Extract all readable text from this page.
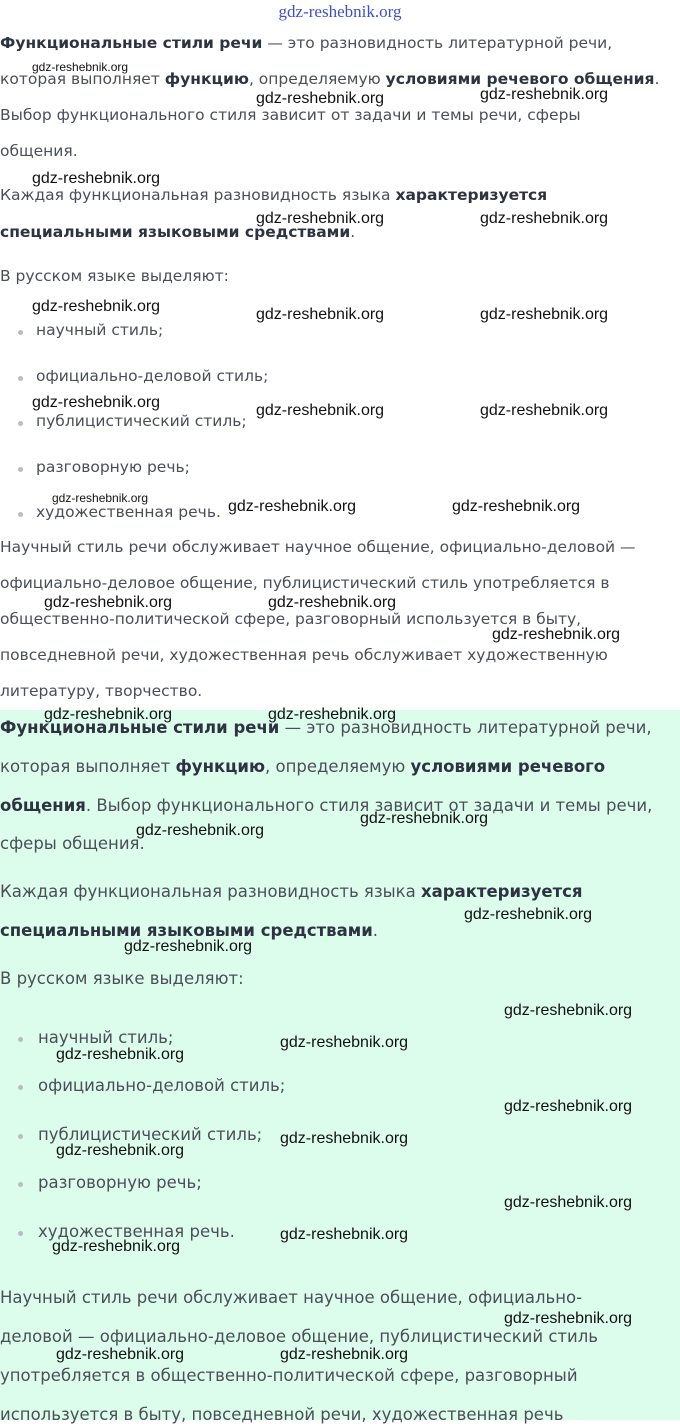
gdz-reshebnik.org

Функциональные стили речи — это разновидность литературной речи,

которая выполняет функцию, определяемую условиями речевого общения.

Выбор функционального стиля зависит от задачи и темы речи, сферы

общения.

Каждая функциональная разновидность языка характеризуется

специальными языковыми средствами.

В русском языке выделяют:

научный стиль;
официально-деловой стиль;
публицистический стиль;
разговорную речь;
художественная речь.

Научный стиль речи обслуживает научное общение, официально-деловой —

официально-деловое общение, публицистический стиль употребляется в

общественно-политической сфере, разговорный используется в быту,

повседневной речи, художественная речь обслуживает художественную

литературу, творчество.

Функциональные стили речи — это разновидность литературной речи,

которая выполняет функцию, определяемую условиями речевого

общения. Выбор функционального стиля зависит от задачи и темы речи,

сферы общения.

Каждая функциональная разновидность языка характеризуется

специальными языковыми средствами.

В русском языке выделяют:

научный стиль;
официально-деловой стиль;
публицистический стиль;
разговорную речь;
художественная речь.

Научный стиль речи обслуживает научное общение, официально-

деловой — официально-деловое общение, публицистический стиль

употребляется в общественно-политической сфере, разговорный

используется в быту, повседневной речи, художественная речь

gdz-reshebnik.org
gdz-reshebnik.org	gdz-reshebnik.org
gdz-reshebnik.org
gdz-reshebnik.org	gdz-reshebnik.org
gdz-reshebnik.org	gdz-reshebnik.org	gdz-reshebnik.org
gdz-reshebnik.org	gdz-reshebnik.org	gdz-reshebnik.org
gdz-reshebnik.org	gdz-reshebnik.org	gdz-reshebnik.org
gdz-reshebnik.org	gdz-reshebnik.org
gdz-reshebnik.org
gdz-reshebnik.org	gdz-reshebnik.org
gdz-reshebnik.org
gdz-reshebnik.org
gdz-reshebnik.org
gdz-reshebnik.org
gdz-reshebnik.org
gdz-reshebnik.org
gdz-reshebnik.org
gdz-reshebnik.org
gdz-reshebnik.org
gdz-reshebnik.org
gdz-reshebnik.org
gdz-reshebnik.org
gdz-reshebnik.org
gdz-reshebnik.org
gdz-reshebnik.org	gdz-reshebnik.org
